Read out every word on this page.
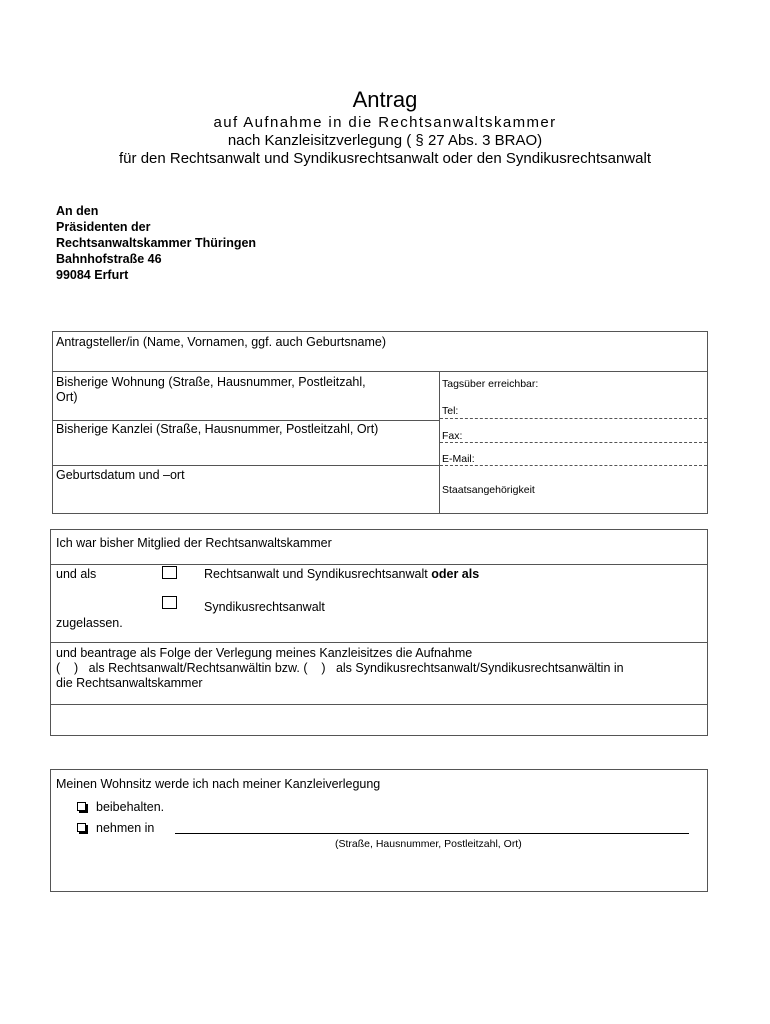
Antrag
auf Aufnahme in die Rechtsanwaltskammer
nach Kanzleisitzverlegung ( § 27 Abs. 3 BRAO)
für den Rechtsanwalt und Syndikusrechtsanwalt oder den Syndikusrechtsanwalt
An den
Präsidenten der
Rechtsanwaltskammer Thüringen
Bahnhofstraße 46
99084 Erfurt
Antragsteller/in (Name, Vornamen, ggf. auch Geburtsname)
Bisherige Wohnung (Straße, Hausnummer, Postleitzahl,
Ort)
Bisherige Kanzlei (Straße, Hausnummer, Postleitzahl, Ort)
Geburtsdatum und –ort
Tagsüber erreichbar:
Tel:
Fax:
E-Mail:
Staatsangehörigkeit
Ich war bisher Mitglied der Rechtsanwaltskammer
und als	Rechtsanwalt und Syndikusrechtsanwalt oder als
Syndikusrechtsanwalt
zugelassen.
und beantrage als Folge der Verlegung meines Kanzleisitzes die Aufnahme
(    )   als Rechtsanwalt/Rechtsanwältin bzw. (    )   als Syndikusrechtsanwalt/Syndikusrechtsanwältin in
die Rechtsanwaltskammer
Meinen Wohnsitz werde ich nach meiner Kanzleiverlegung
beibehalten.
nehmen in
(Straße, Hausnummer, Postleitzahl, Ort)
